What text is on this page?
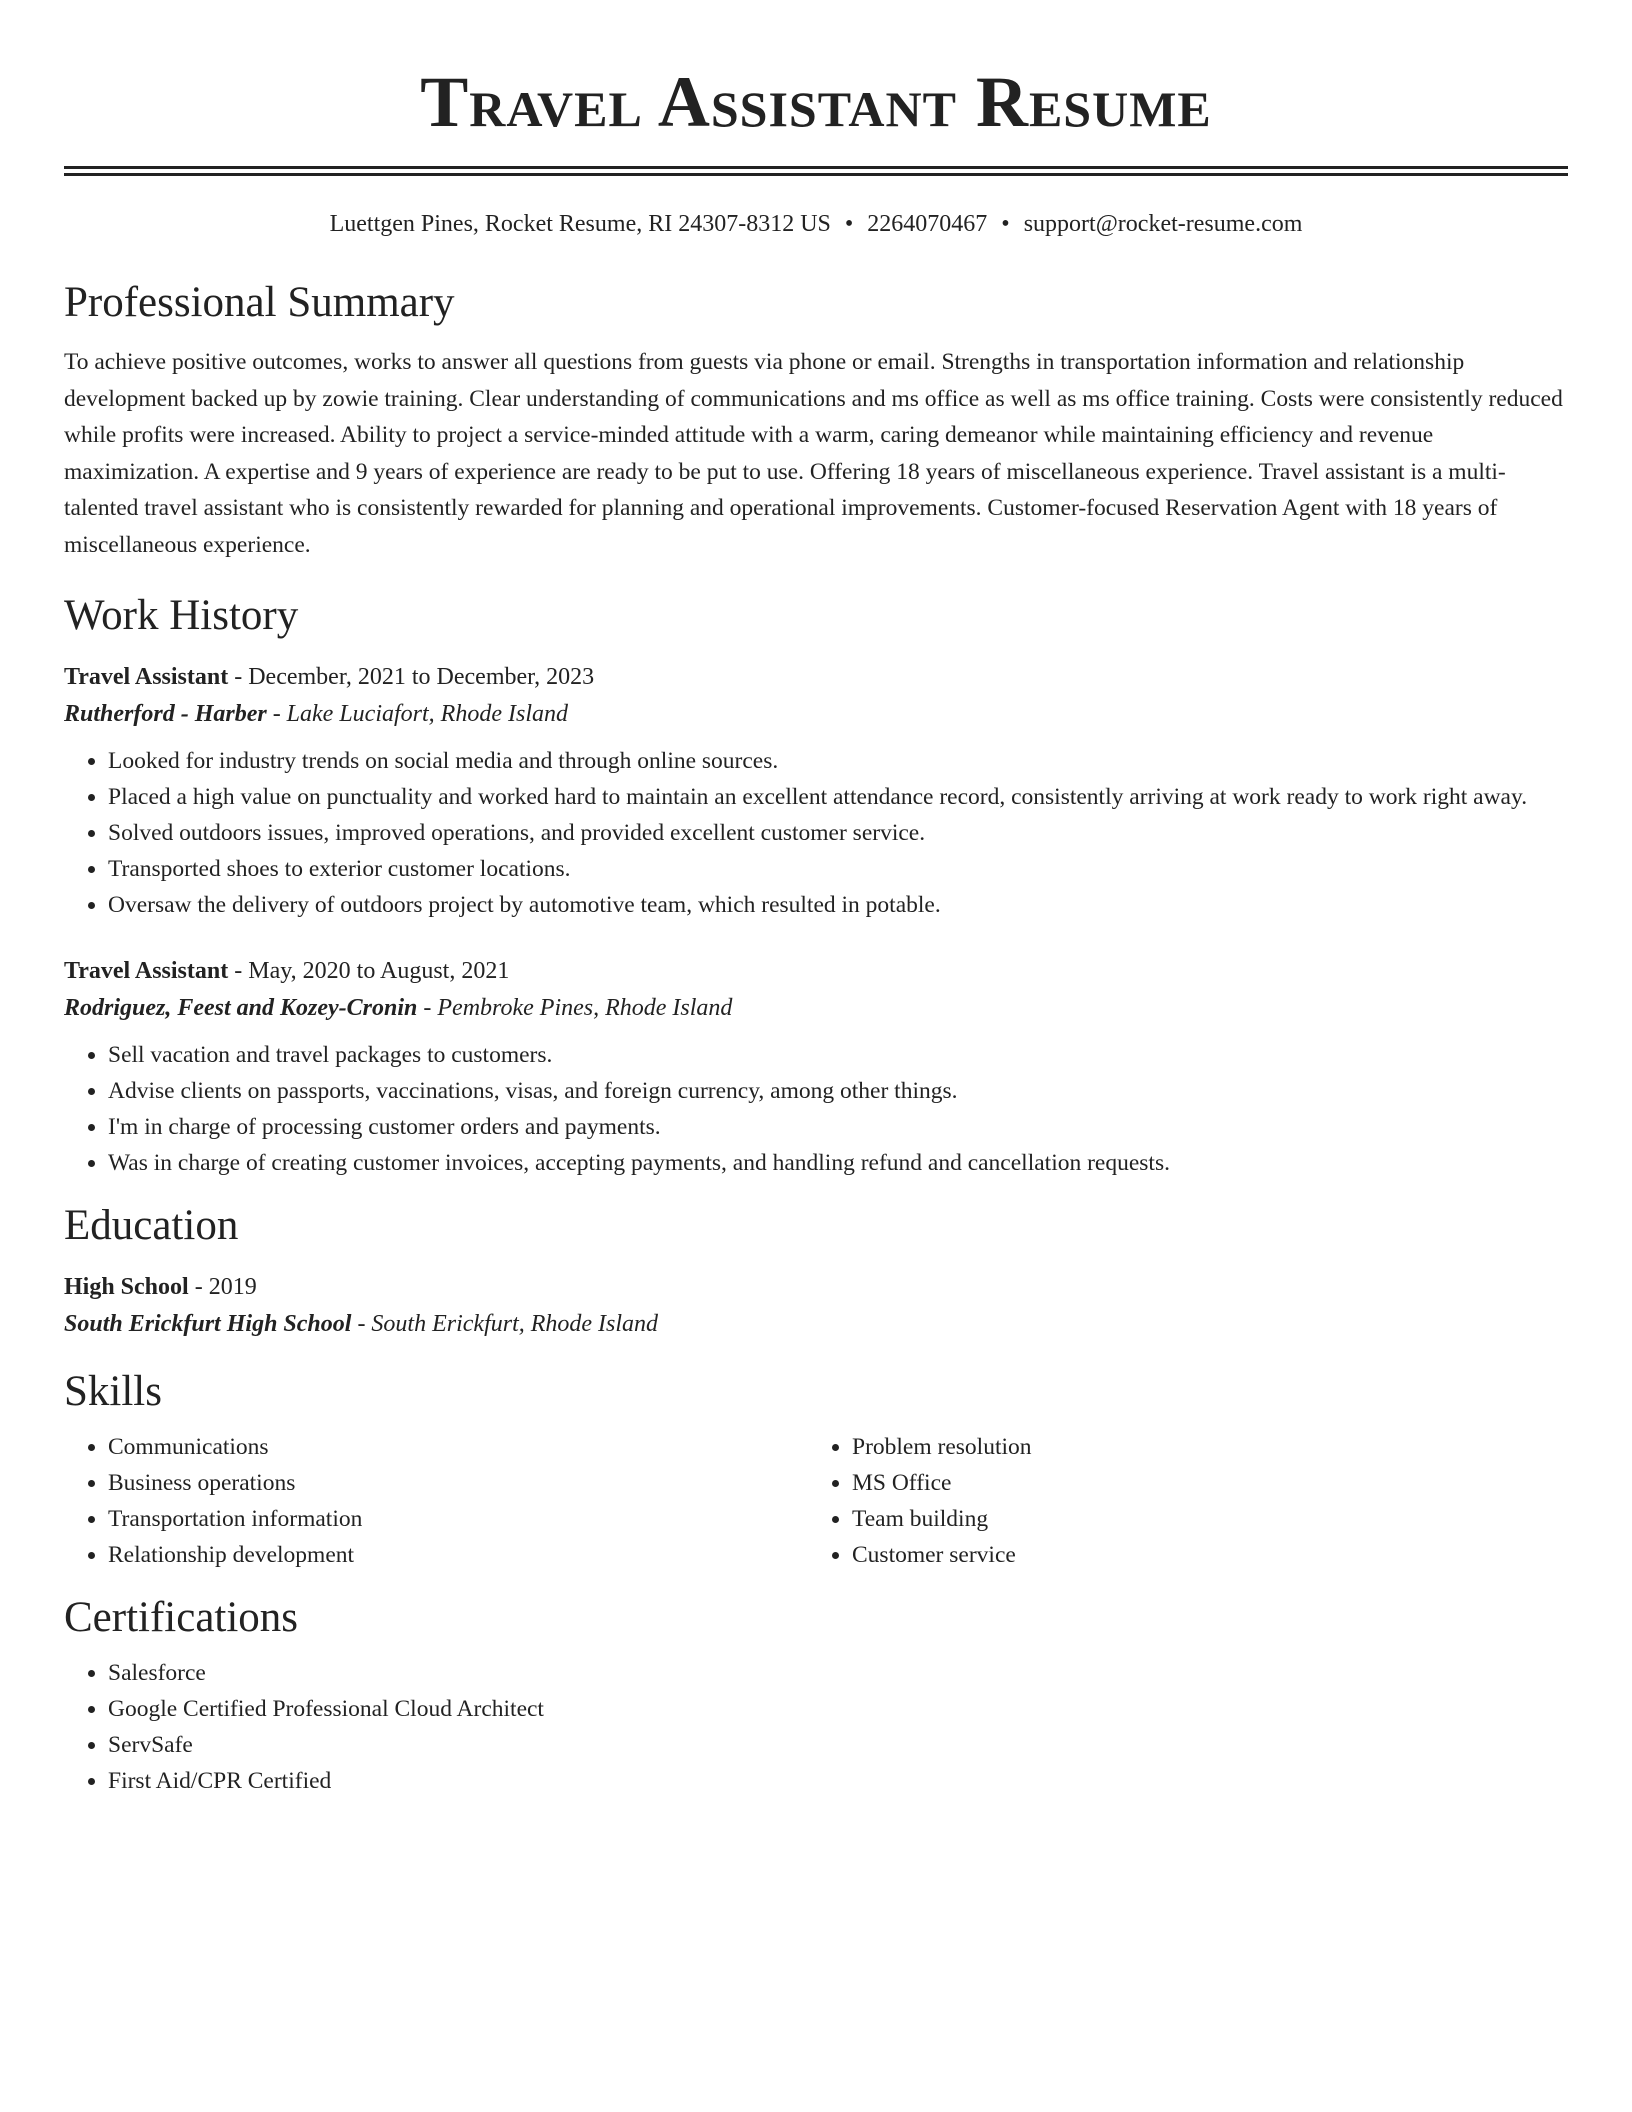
Travel Assistant Resume
Luettgen Pines, Rocket Resume, RI 24307-8312 US • 2264070467 • support@rocket-resume.com
Professional Summary

To achieve positive outcomes, works to answer all questions from guests via phone or email. Strengths in transportation information and relationship development backed up by zowie training. Clear understanding of communications and ms office as well as ms office training. Costs were consistently reduced while profits were increased. Ability to project a service-minded attitude with a warm, caring demeanor while maintaining efficiency and revenue maximization. A expertise and 9 years of experience are ready to be put to use. Offering 18 years of miscellaneous experience. Travel assistant is a multi-talented travel assistant who is consistently rewarded for planning and operational improvements. Customer-focused Reservation Agent with 18 years of miscellaneous experience.

Work History
Travel Assistant - December, 2021 to December, 2023
Rutherford - Harber - Lake Luciafort, Rhode Island
• Looked for industry trends on social media and through online sources.
• Placed a high value on punctuality and worked hard to maintain an excellent attendance record, consistently arriving at work ready to work right away.
• Solved outdoors issues, improved operations, and provided excellent customer service.
• Transported shoes to exterior customer locations.
• Oversaw the delivery of outdoors project by automotive team, which resulted in potable.
Travel Assistant - May, 2020 to August, 2021
Rodriguez, Feest and Kozey-Cronin - Pembroke Pines, Rhode Island
• Sell vacation and travel packages to customers.
• Advise clients on passports, vaccinations, visas, and foreign currency, among other things.
• I'm in charge of processing customer orders and payments.
• Was in charge of creating customer invoices, accepting payments, and handling refund and cancellation requests.
Education
High School - 2019
South Erickfurt High School - South Erickfurt, Rhode Island
Skills
• Communications
• Business operations
• Transportation information
• Relationship development
• Problem resolution
• MS Office
• Team building
• Customer service
Certifications
• Salesforce
• Google Certified Professional Cloud Architect
• ServSafe
• First Aid/CPR Certified
